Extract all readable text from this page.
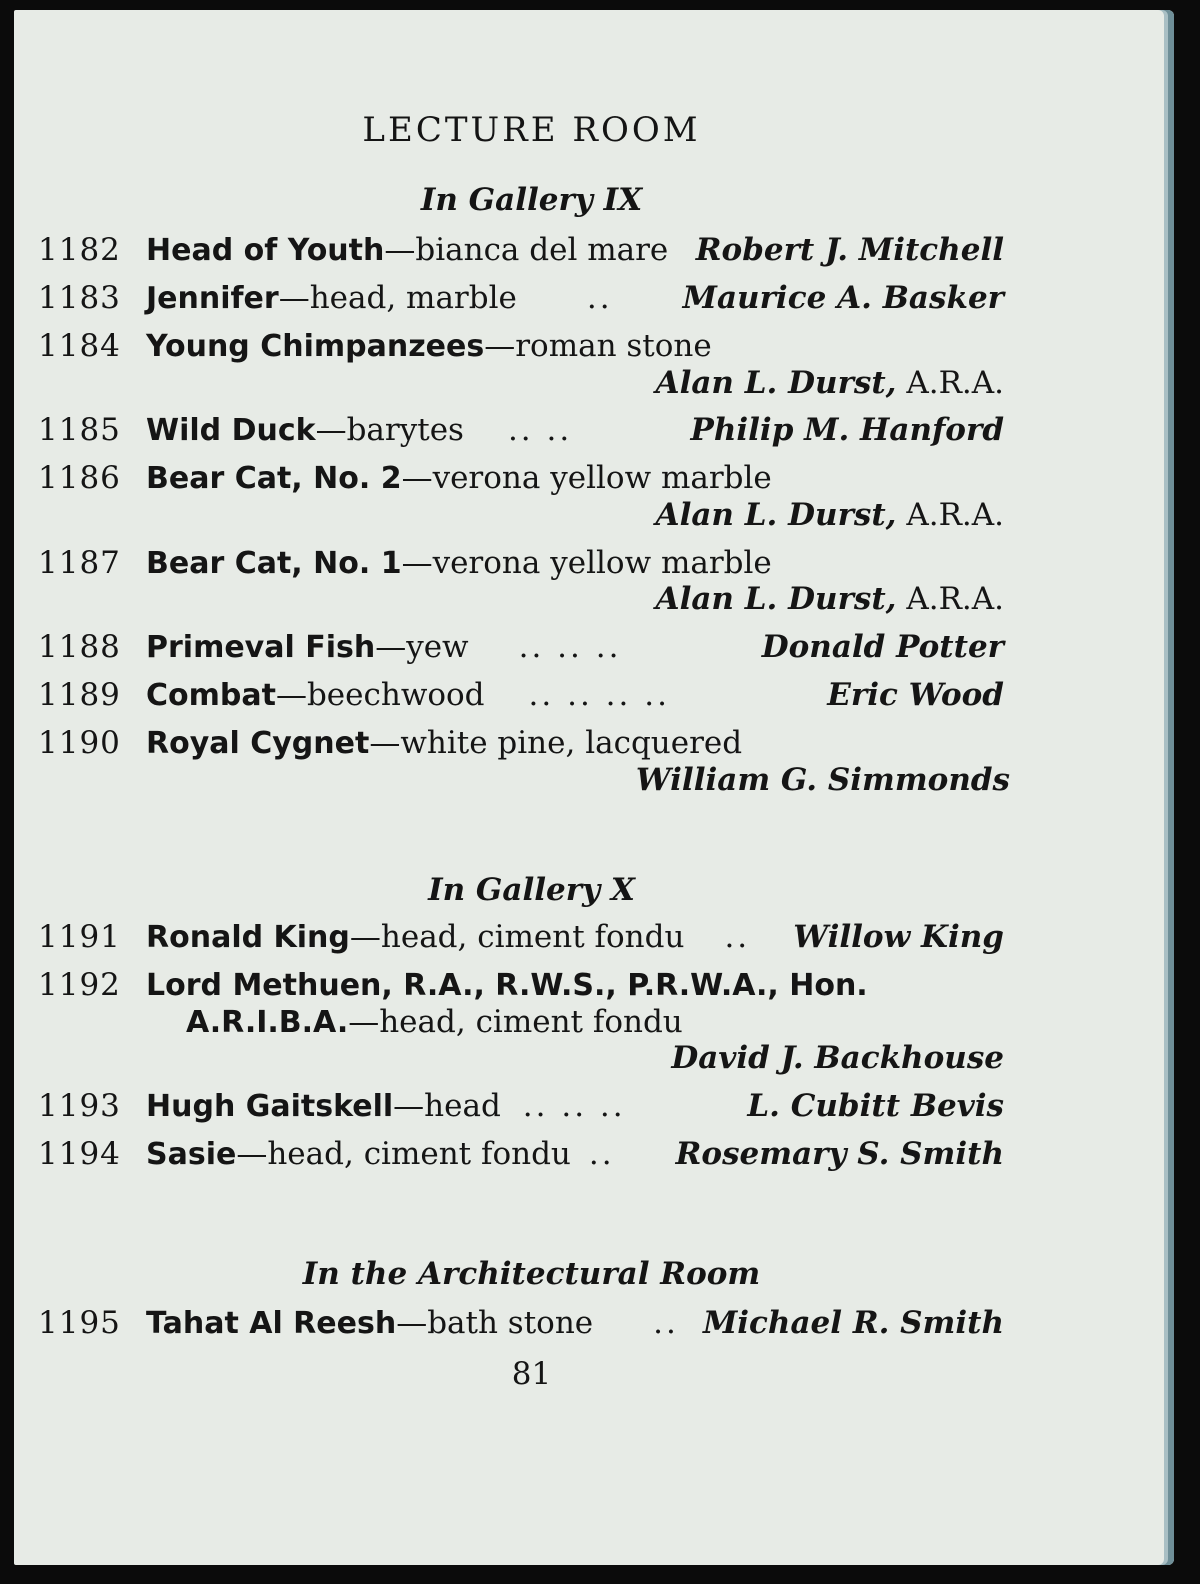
LECTURE ROOM
In Gallery IX
1182 Head of Youth—bianca del mare Robert J. Mitchell
1183 Jennifer—head, marble .. Maurice A. Basker
1184 Young Chimpanzees—roman stone
Alan L. Durst, A.R.A.
1185 Wild Duck—barytes .. ..	Philip M. Hanford
1186 Bear Cat, No. 2—verona yellow marble
Alan L. Durst, A.R.A.
1187 Bear Cat, No. 1—verona yellow marble
Alan L. Durst, A.R.A.
1188 Primeval Fish—yew .. .. ..	Donald Potter
1189 Combat—beechwood .. .. .. ..	Eric Wood
1190 Royal Cygnet—white pine, lacquered
William G. Simmonds
In Gallery X
1191 Ronald King—head, ciment fondu .. Willow King
1192 Lord Methuen, R.A., R.W.S., P.R.W.A., Hon.
A.R.I.B.A.—head, ciment fondu
David J. Backhouse
1193 Hugh Gaitskell—head .. .. ..	L. Cubitt Bevis
1194 Sasie—head, ciment fondu .. Rosemary S. Smith
In the Architectural Room
1195 Tahat Al Reesh—bath stone .. Michael R. Smith
81
